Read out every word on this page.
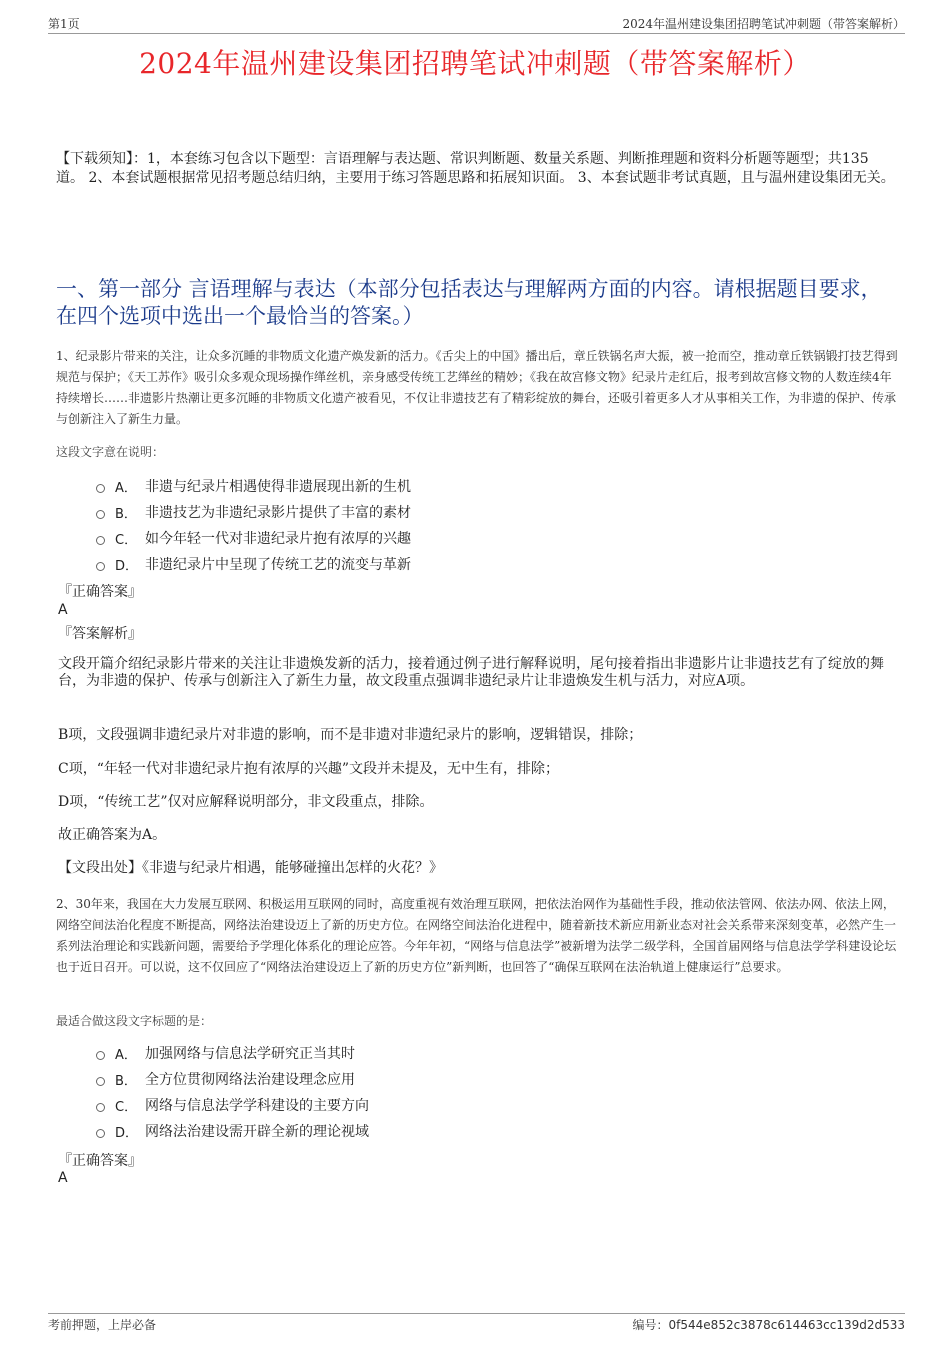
第1页	2024年温州建设集团招聘笔试冲刺题（带答案解析）
2024年温州建设集团招聘笔试冲刺题（带答案解析）
【下载须知】：1，本套练习包含以下题型：言语理解与表达题、常识判断题、数量关系题、判断推理题和资料分析题等题型；共135道。 2、本套试题根据常见招考题总结归纳，主要用于练习答题思路和拓展知识面。 3、本套试题非考试真题，且与温州建设集团无关。
一、第一部分 言语理解与表达（本部分包括表达与理解两方面的内容。请根据题目要求，在四个选项中选出一个最恰当的答案。）
1、纪录影片带来的关注，让众多沉睡的非物质文化遗产焕发新的活力。《舌尖上的中国》播出后，章丘铁锅名声大振，被一抢而空，推动章丘铁锅锻打技艺得到规范与保护；《天工苏作》吸引众多观众现场操作缂丝机，亲身感受传统工艺缂丝的精妙；《我在故宫修文物》纪录片走红后，报考到故宫修文物的人数连续4年持续增长……非遗影片热潮让更多沉睡的非物质文化遗产被看见，不仅让非遗技艺有了精彩绽放的舞台，还吸引着更多人才从事相关工作，为非遗的保护、传承与创新注入了新生力量。
这段文字意在说明：
A． 非遗与纪录片相遇使得非遗展现出新的生机
B． 非遗技艺为非遗纪录影片提供了丰富的素材
C． 如今年轻一代对非遗纪录片抱有浓厚的兴趣
D． 非遗纪录片中呈现了传统工艺的流变与革新
『正确答案』
A
『答案解析』
文段开篇介绍纪录影片带来的关注让非遗焕发新的活力，接着通过例子进行解释说明，尾句接着指出非遗影片让非遗技艺有了绽放的舞台，为非遗的保护、传承与创新注入了新生力量，故文段重点强调非遗纪录片让非遗焕发生机与活力，对应A项。
B项，文段强调非遗纪录片对非遗的影响，而不是非遗对非遗纪录片的影响，逻辑错误，排除；
C项，“年轻一代对非遗纪录片抱有浓厚的兴趣”文段并未提及，无中生有，排除；
D项，“传统工艺”仅对应解释说明部分，非文段重点，排除。
故正确答案为A。
【文段出处】《非遗与纪录片相遇，能够碰撞出怎样的火花？》
2、30年来，我国在大力发展互联网、积极运用互联网的同时，高度重视有效治理互联网，把依法治网作为基础性手段，推动依法管网、依法办网、依法上网，网络空间法治化程度不断提高，网络法治建设迈上了新的历史方位。在网络空间法治化进程中，随着新技术新应用新业态对社会关系带来深刻变革，必然产生一系列法治理论和实践新问题，需要给予学理化体系化的理论应答。今年年初，“网络与信息法学”被新增为法学二级学科，全国首届网络与信息法学学科建设论坛也于近日召开。可以说，这不仅回应了“网络法治建设迈上了新的历史方位”新判断，也回答了“确保互联网在法治轨道上健康运行”总要求。
最适合做这段文字标题的是：
A． 加强网络与信息法学研究正当其时
B． 全方位贯彻网络法治建设理念应用
C． 网络与信息法学学科建设的主要方向
D． 网络法治建设需开辟全新的理论视域
『正确答案』
A
考前押题，上岸必备	编号：0f544e852c3878c614463cc139d2d533
